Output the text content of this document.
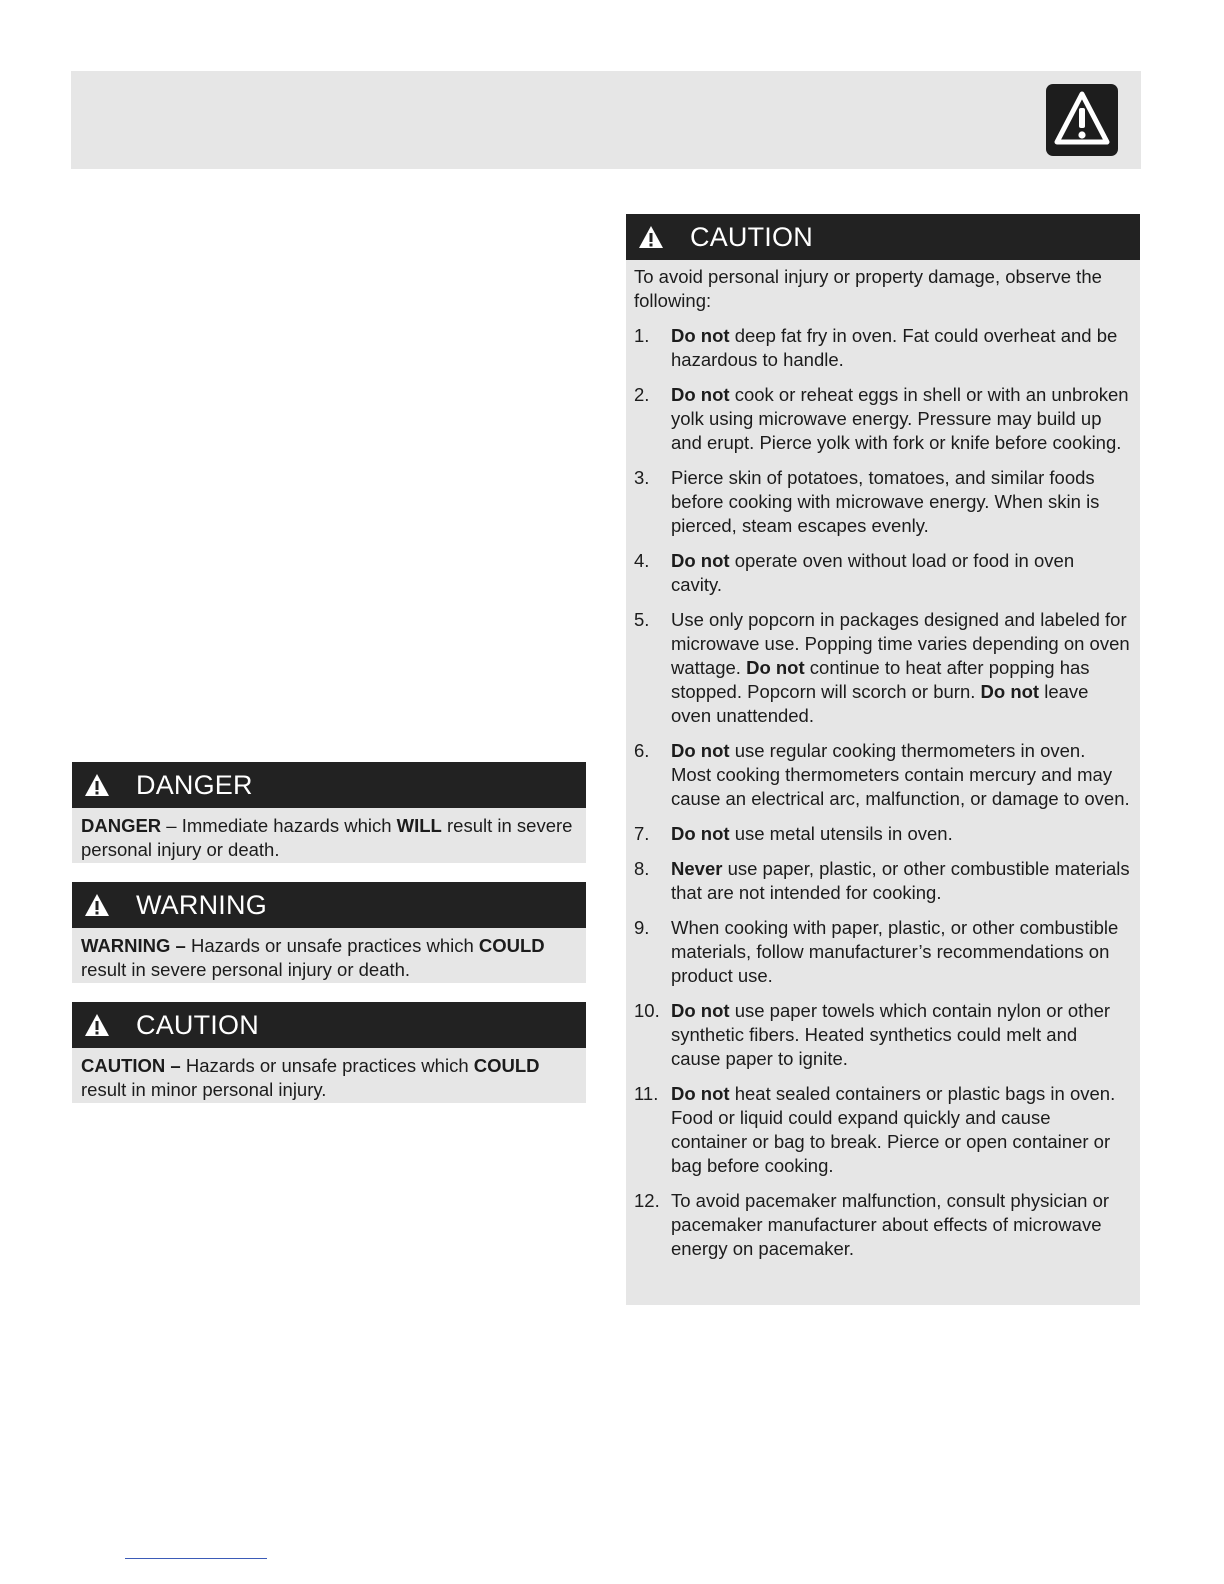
DANGER
DANGER – Immediate hazards which WILL result in severe personal injury or death.
WARNING
WARNING – Hazards or unsafe practices which COULD result in severe personal injury or death.
CAUTION
CAUTION – Hazards or unsafe practices which COULD result in minor personal injury.
CAUTION
To avoid personal injury or property damage, observe the following:
1. Do not deep fat fry in oven. Fat could overheat and be hazardous to handle.
2. Do not cook or reheat eggs in shell or with an unbroken yolk using microwave energy. Pressure may build up and erupt. Pierce yolk with fork or knife before cooking.
3. Pierce skin of potatoes, tomatoes, and similar foods before cooking with microwave energy. When skin is pierced, steam escapes evenly.
4. Do not operate oven without load or food in oven cavity.
5. Use only popcorn in packages designed and labeled for microwave use. Popping time varies depending on oven wattage. Do not continue to heat after popping has stopped. Popcorn will scorch or burn. Do not leave oven unattended.
6. Do not use regular cooking thermometers in oven. Most cooking thermometers contain mercury and may cause an electrical arc, malfunction, or damage to oven.
7. Do not use metal utensils in oven.
8. Never use paper, plastic, or other combustible materials that are not intended for cooking.
9. When cooking with paper, plastic, or other combustible materials, follow manufacturer’s recommendations on product use.
10. Do not use paper towels which contain nylon or other synthetic fibers. Heated synthetics could melt and cause paper to ignite.
11. Do not heat sealed containers or plastic bags in oven. Food or liquid could expand quickly and cause container or bag to break. Pierce or open container or bag before cooking.
12. To avoid pacemaker malfunction, consult physician or pacemaker manufacturer about effects of microwave energy on pacemaker.
